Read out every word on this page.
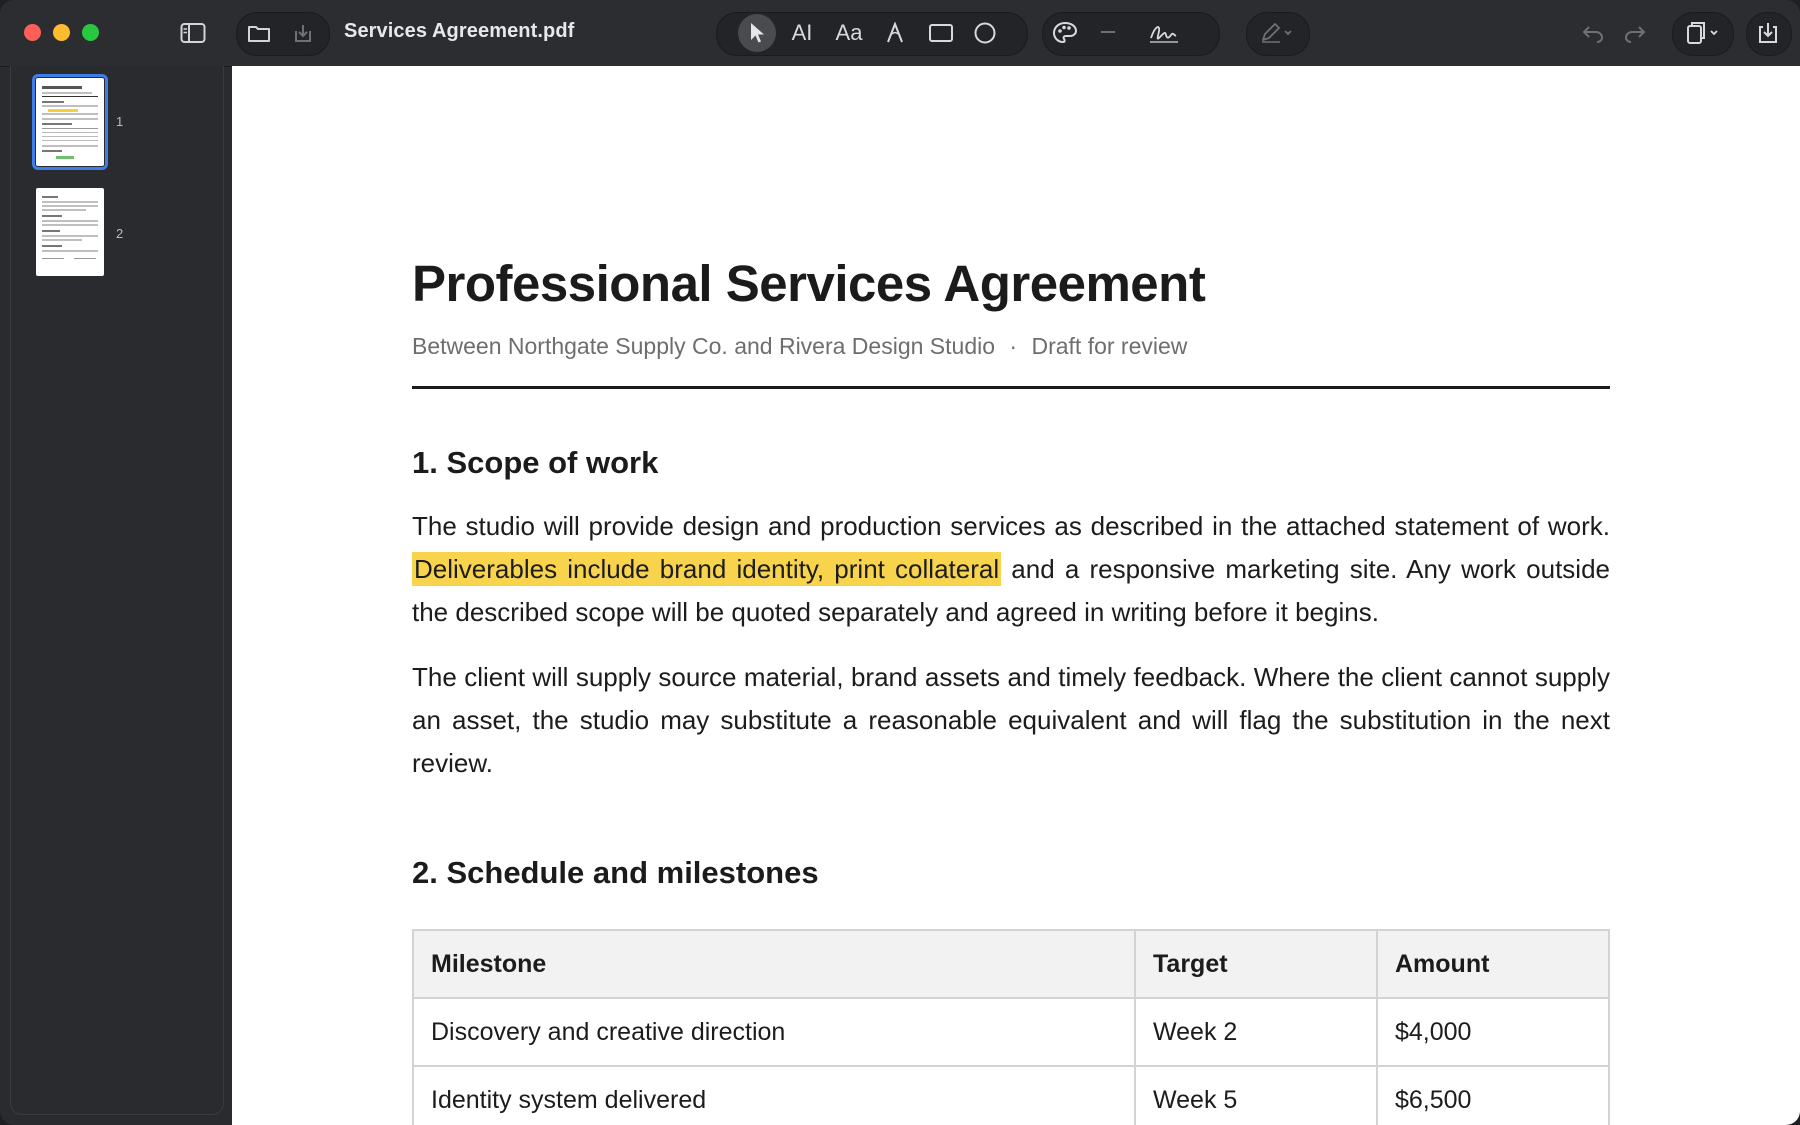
Services Agreement.pdf	AI Aa
1
2
Professional Services Agreement
Between Northgate Supply Co. and Rivera Design Studio · Draft for review
1. Scope of work

The studio will provide design and production services as described in the attached statement of work. Deliverables include brand identity, print collateral and a responsive marketing site. Any work outside the described scope will be quoted separately and agreed in writing before it begins.

The client will supply source material, brand assets and timely feedback. Where the client cannot supply an asset, the studio may substitute a reasonable equivalent and will flag the substitution in the next review.

2. Schedule and milestones
Milestone	Target	Amount
Discovery and creative direction	Week 2	$4,000
Identity system delivered	Week 5	$6,500
